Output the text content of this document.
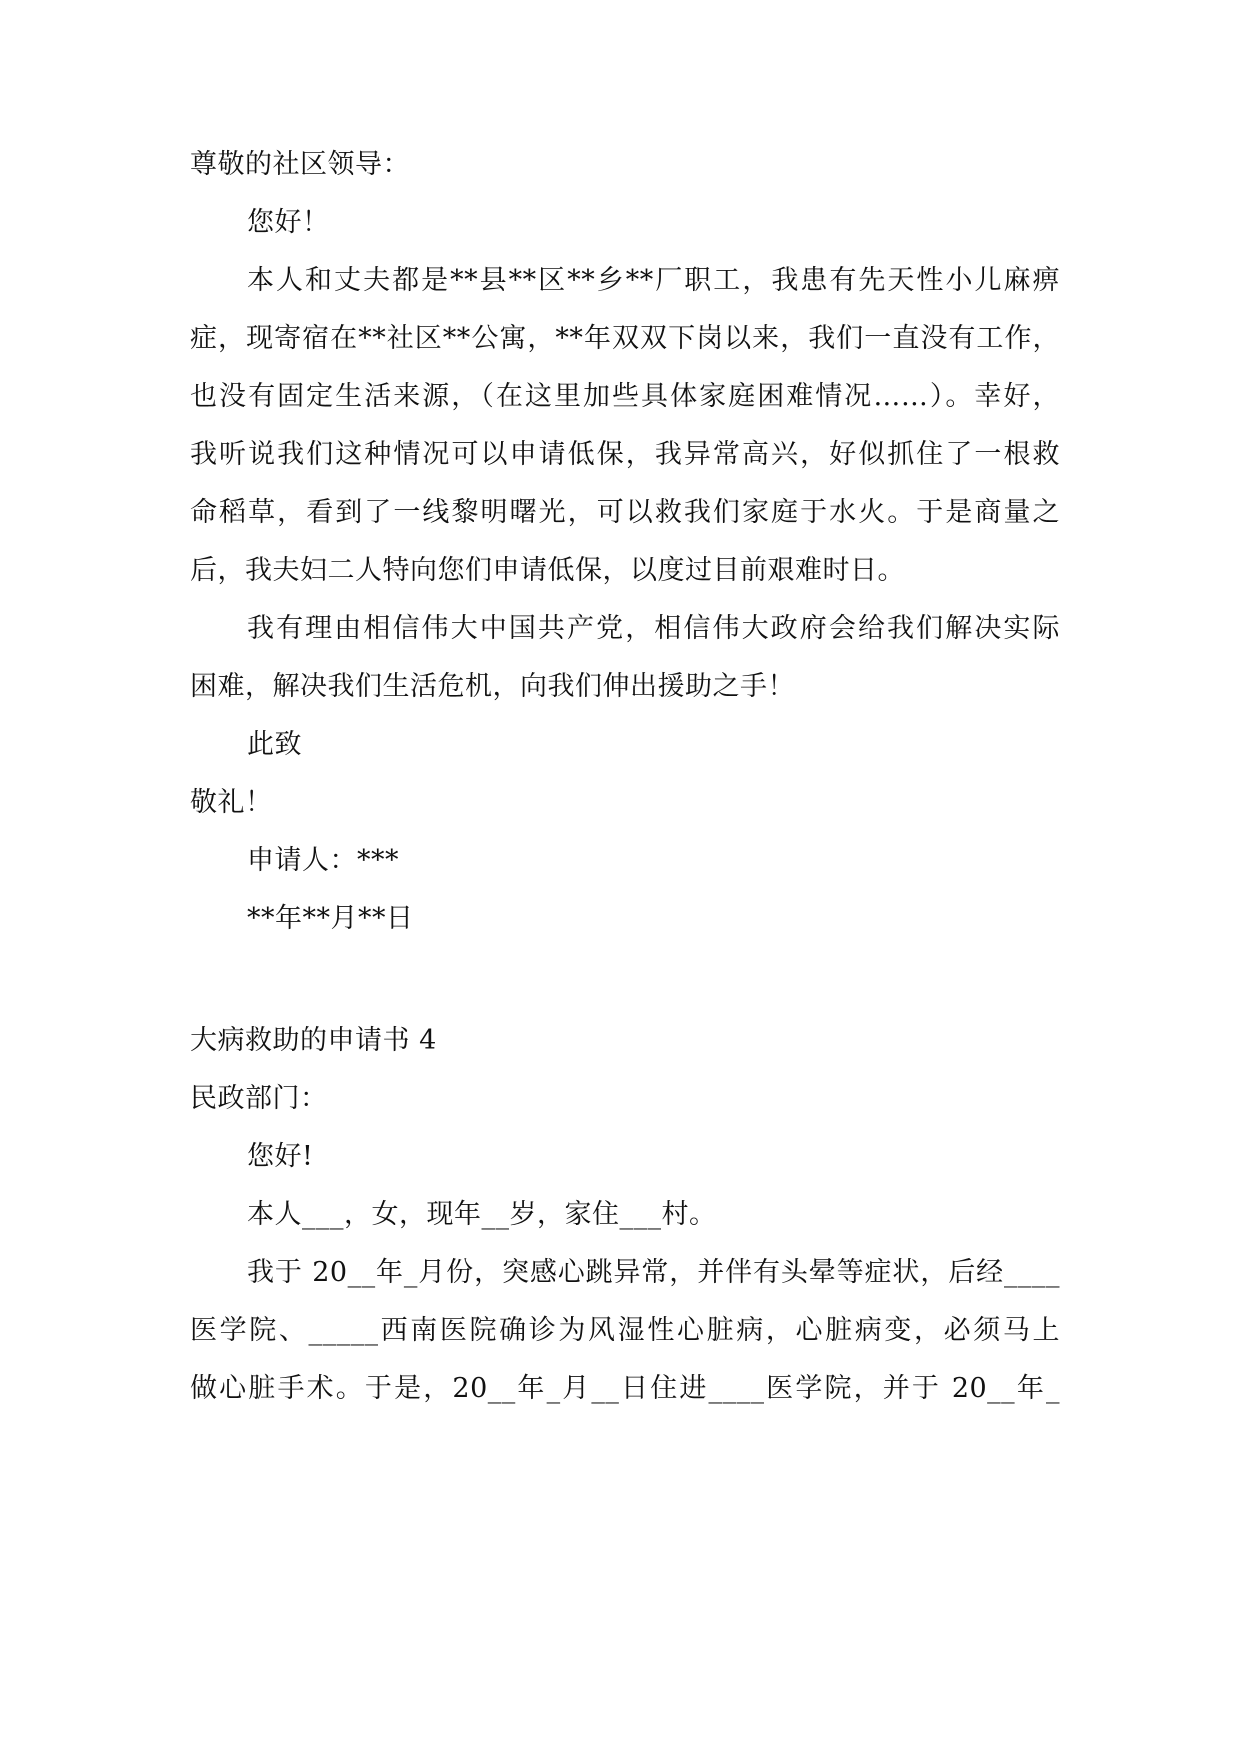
尊敬的社区领导：
您好！
本人和丈夫都是**县**区**乡**厂职工，我患有先天性小儿麻痹
症，现寄宿在**社区**公寓，**年双双下岗以来，我们一直没有工作，
也没有固定生活来源，（在这里加些具体家庭困难情况……）。幸好，
我听说我们这种情况可以申请低保，我异常高兴，好似抓住了一根救
命稻草，看到了一线黎明曙光，可以救我们家庭于水火。于是商量之
后，我夫妇二人特向您们申请低保，以度过目前艰难时日。
我有理由相信伟大中国共产党，相信伟大政府会给我们解决实际
困难，解决我们生活危机，向我们伸出援助之手！
此致
敬礼！
申请人：***
**年**月**日
大病救助的申请书 4
民政部门：
您好!
本人___，女，现年__岁，家住___村。
我于 20__年_月份，突感心跳异常，并伴有头晕等症状，后经____
医学院、_____西南医院确诊为风湿性心脏病，心脏病变，必须马上
做心脏手术。于是，20__年_月__日住进____医学院，并于 20__年_
